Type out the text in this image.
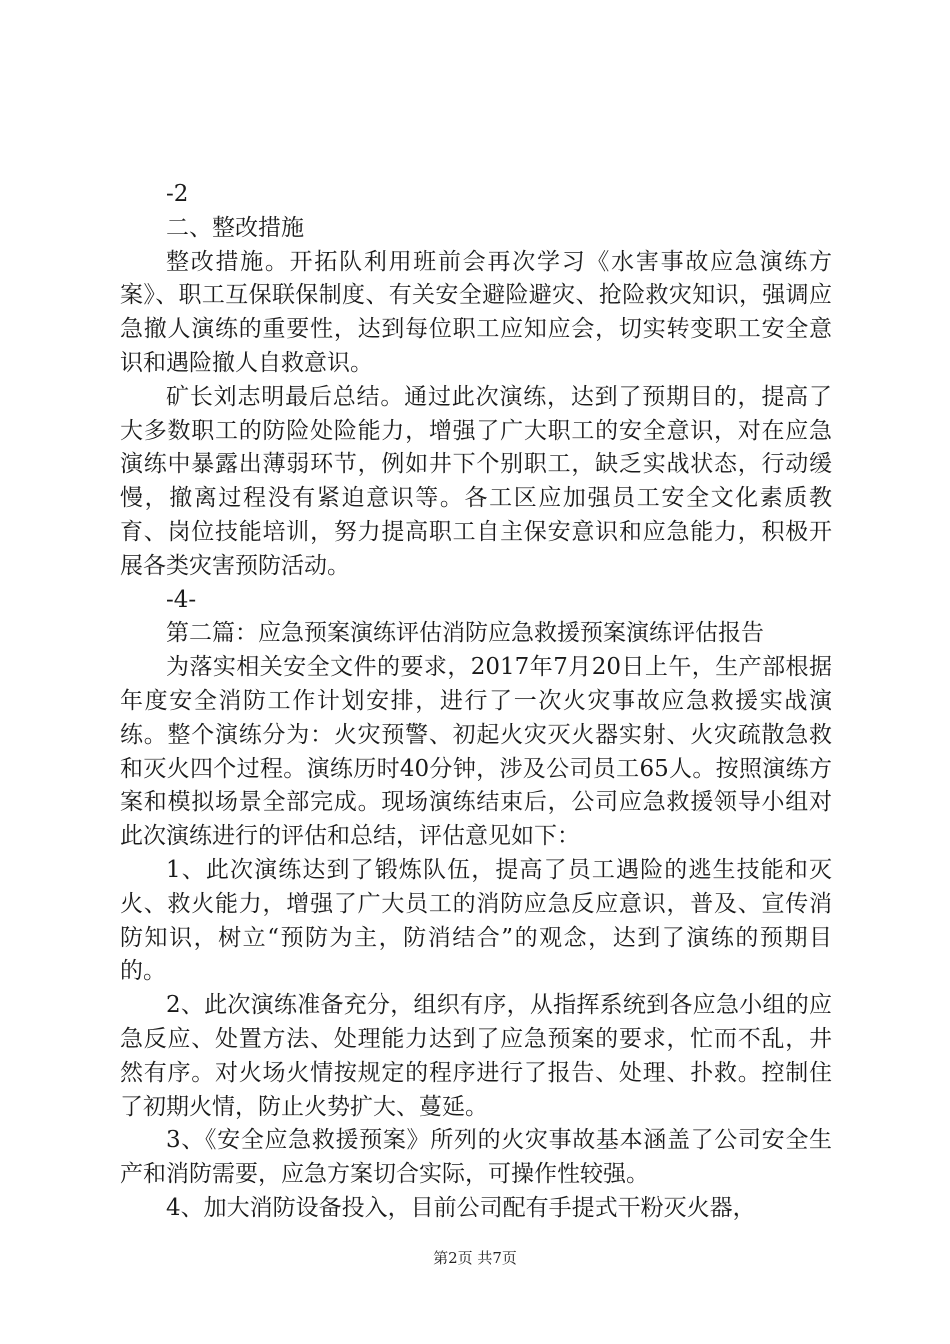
-2

二、整改措施

整改措施。开拓队利用班前会再次学习《水害事故应急演练方案》、职工互保联保制度、有关安全避险避灾、抢险救灾知识，强调应急撤人演练的重要性，达到每位职工应知应会，切实转变职工安全意识和遇险撤人自救意识。

矿长刘志明最后总结。通过此次演练，达到了预期目的，提高了大多数职工的防险处险能力，增强了广大职工的安全意识，对在应急演练中暴露出薄弱环节，例如井下个别职工，缺乏实战状态，行动缓慢，撤离过程没有紧迫意识等。各工区应加强员工安全文化素质教育、岗位技能培训，努力提高职工自主保安意识和应急能力，积极开展各类灾害预防活动。

-4-

第二篇：应急预案演练评估消防应急救援预案演练评估报告

为落实相关安全文件的要求，2017年7月20日上午，生产部根据年度安全消防工作计划安排，进行了一次火灾事故应急救援实战演练。整个演练分为：火灾预警、初起火灾灭火器实射、火灾疏散急救和灭火四个过程。演练历时40分钟，涉及公司员工65人。按照演练方案和模拟场景全部完成。现场演练结束后，公司应急救援领导小组对此次演练进行的评估和总结，评估意见如下：

1、此次演练达到了锻炼队伍，提高了员工遇险的逃生技能和灭火、救火能力，增强了广大员工的消防应急反应意识，普及、宣传消防知识，树立“预防为主，防消结合”的观念，达到了演练的预期目的。

2、此次演练准备充分，组织有序，从指挥系统到各应急小组的应急反应、处置方法、处理能力达到了应急预案的要求，忙而不乱，井然有序。对火场火情按规定的程序进行了报告、处理、扑救。控制住了初期火情，防止火势扩大、蔓延。

3、《安全应急救援预案》所列的火灾事故基本涵盖了公司安全生产和消防需要，应急方案切合实际，可操作性较强。

4、加大消防设备投入，目前公司配有手提式干粉灭火器，

第2页 共7页
